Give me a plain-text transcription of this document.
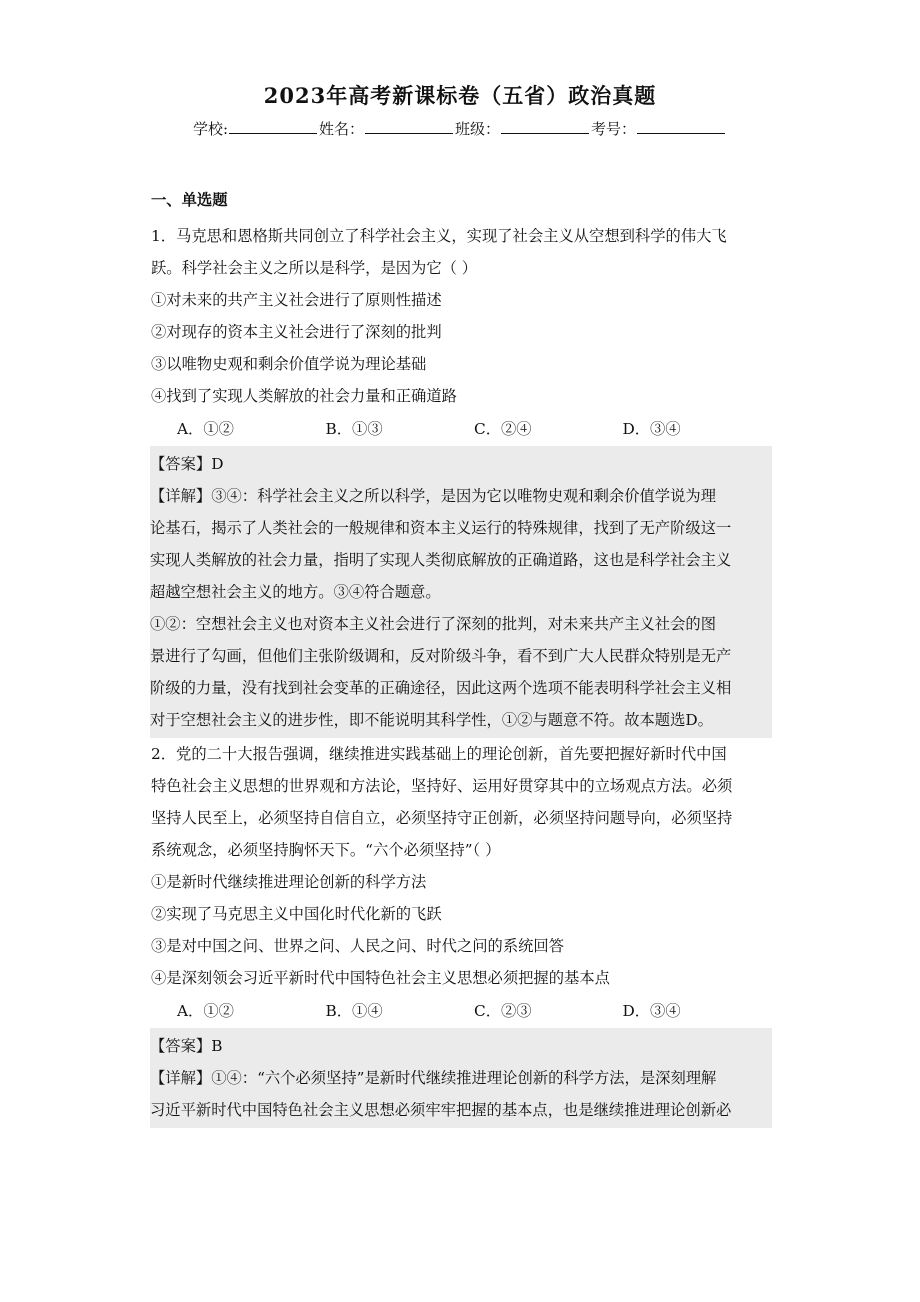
2023年高考新课标卷（五省）政治真题
学校:	姓名：	班级：	考号：
一、单选题
1．马克思和恩格斯共同创立了科学社会主义，实现了社会主义从空想到科学的伟大飞
跃。科学社会主义之所以是科学，是因为它（ ）
①对未来的共产主义社会进行了原则性描述
②对现存的资本主义社会进行了深刻的批判
③以唯物史观和剩余价值学说为理论基础
④找到了实现人类解放的社会力量和正确道路
A．①②	B．①③	C．②④	D．③④
【答案】D
【详解】③④：科学社会主义之所以科学，是因为它以唯物史观和剩余价值学说为理
论基石，揭示了人类社会的一般规律和资本主义运行的特殊规律，找到了无产阶级这一
实现人类解放的社会力量，指明了实现人类彻底解放的正确道路，这也是科学社会主义
超越空想社会主义的地方。③④符合题意。
①②：空想社会主义也对资本主义社会进行了深刻的批判，对未来共产主义社会的图
景进行了勾画，但他们主张阶级调和，反对阶级斗争，看不到广大人民群众特别是无产
阶级的力量，没有找到社会变革的正确途径，因此这两个选项不能表明科学社会主义相
对于空想社会主义的进步性，即不能说明其科学性，①②与题意不符。故本题选D。
2．党的二十大报告强调，继续推进实践基础上的理论创新，首先要把握好新时代中国
特色社会主义思想的世界观和方法论，坚持好、运用好贯穿其中的立场观点方法。必须
坚持人民至上，必须坚持自信自立，必须坚持守正创新，必须坚持问题导向，必须坚持
系统观念，必须坚持胸怀天下。“六个必须坚持”（ ）
①是新时代继续推进理论创新的科学方法
②实现了马克思主义中国化时代化新的飞跃
③是对中国之问、世界之问、人民之问、时代之问的系统回答
④是深刻领会习近平新时代中国特色社会主义思想必须把握的基本点
A．①②	B．①④	C．②③	D．③④
【答案】B
【详解】①④：“六个必须坚持”是新时代继续推进理论创新的科学方法，是深刻理解
习近平新时代中国特色社会主义思想必须牢牢把握的基本点，也是继续推进理论创新必
